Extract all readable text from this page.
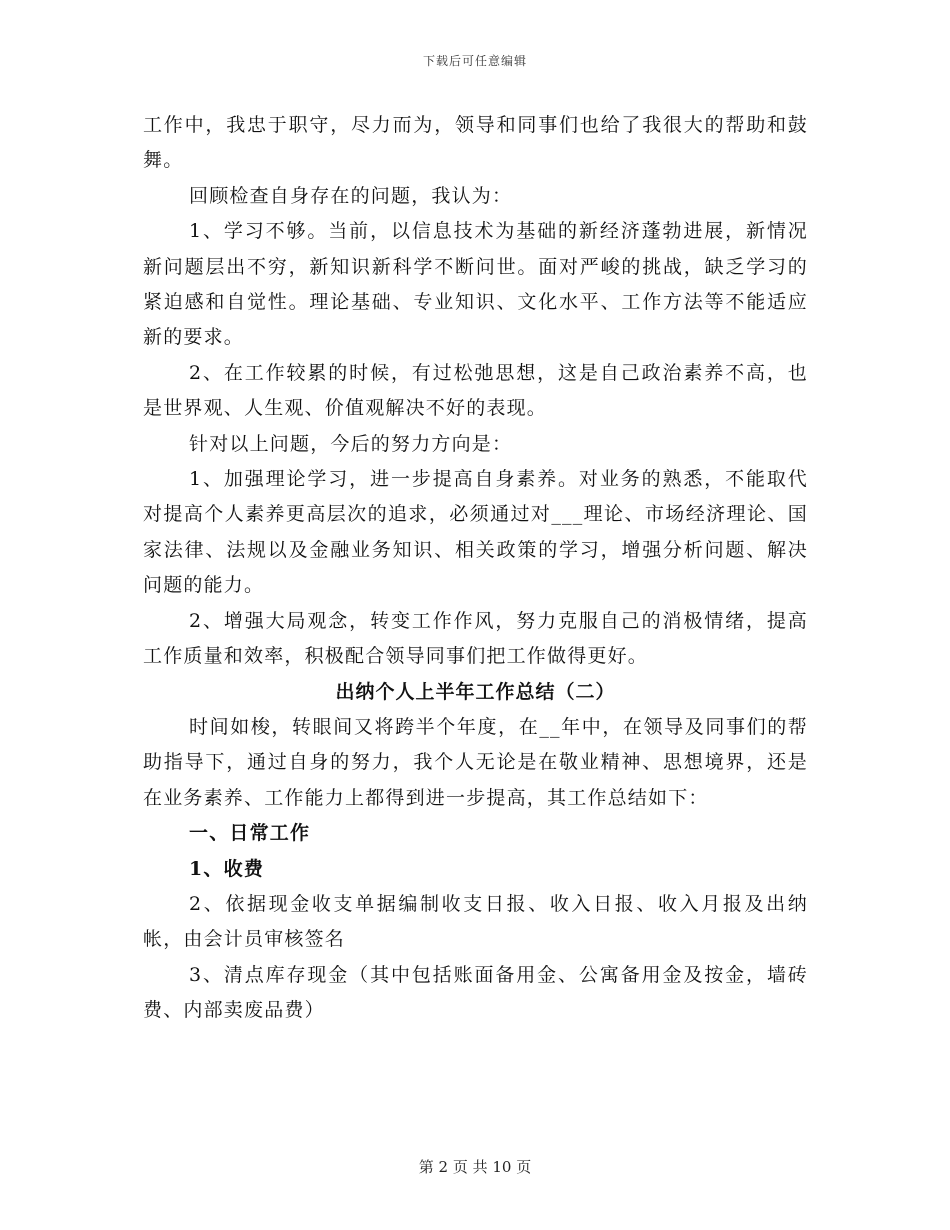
下载后可任意编辑

工作中，我忠于职守，尽力而为，领导和同事们也给了我很大的帮助和鼓舞。

回顾检查自身存在的问题，我认为：

1、学习不够。当前，以信息技术为基础的新经济蓬勃进展，新情况新问题层出不穷，新知识新科学不断问世。面对严峻的挑战，缺乏学习的紧迫感和自觉性。理论基础、专业知识、文化水平、工作方法等不能适应新的要求。

2、在工作较累的时候，有过松弛思想，这是自己政治素养不高，也是世界观、人生观、价值观解决不好的表现。

针对以上问题，今后的努力方向是：

1、加强理论学习，进一步提高自身素养。对业务的熟悉，不能取代对提高个人素养更高层次的追求，必须通过对___理论、市场经济理论、国家法律、法规以及金融业务知识、相关政策的学习，增强分析问题、解决问题的能力。

2、增强大局观念，转变工作作风，努力克服自己的消极情绪，提高工作质量和效率，积极配合领导同事们把工作做得更好。

出纳个人上半年工作总结（二）

时间如梭，转眼间又将跨半个年度，在__年中，在领导及同事们的帮助指导下，通过自身的努力，我个人无论是在敬业精神、思想境界，还是在业务素养、工作能力上都得到进一步提高，其工作总结如下：

一、日常工作

1、收费

2、依据现金收支单据编制收支日报、收入日报、收入月报及出纳帐，由会计员审核签名

3、清点库存现金（其中包括账面备用金、公寓备用金及按金，墙砖费、内部卖废品费）

第 2 页 共 10 页
